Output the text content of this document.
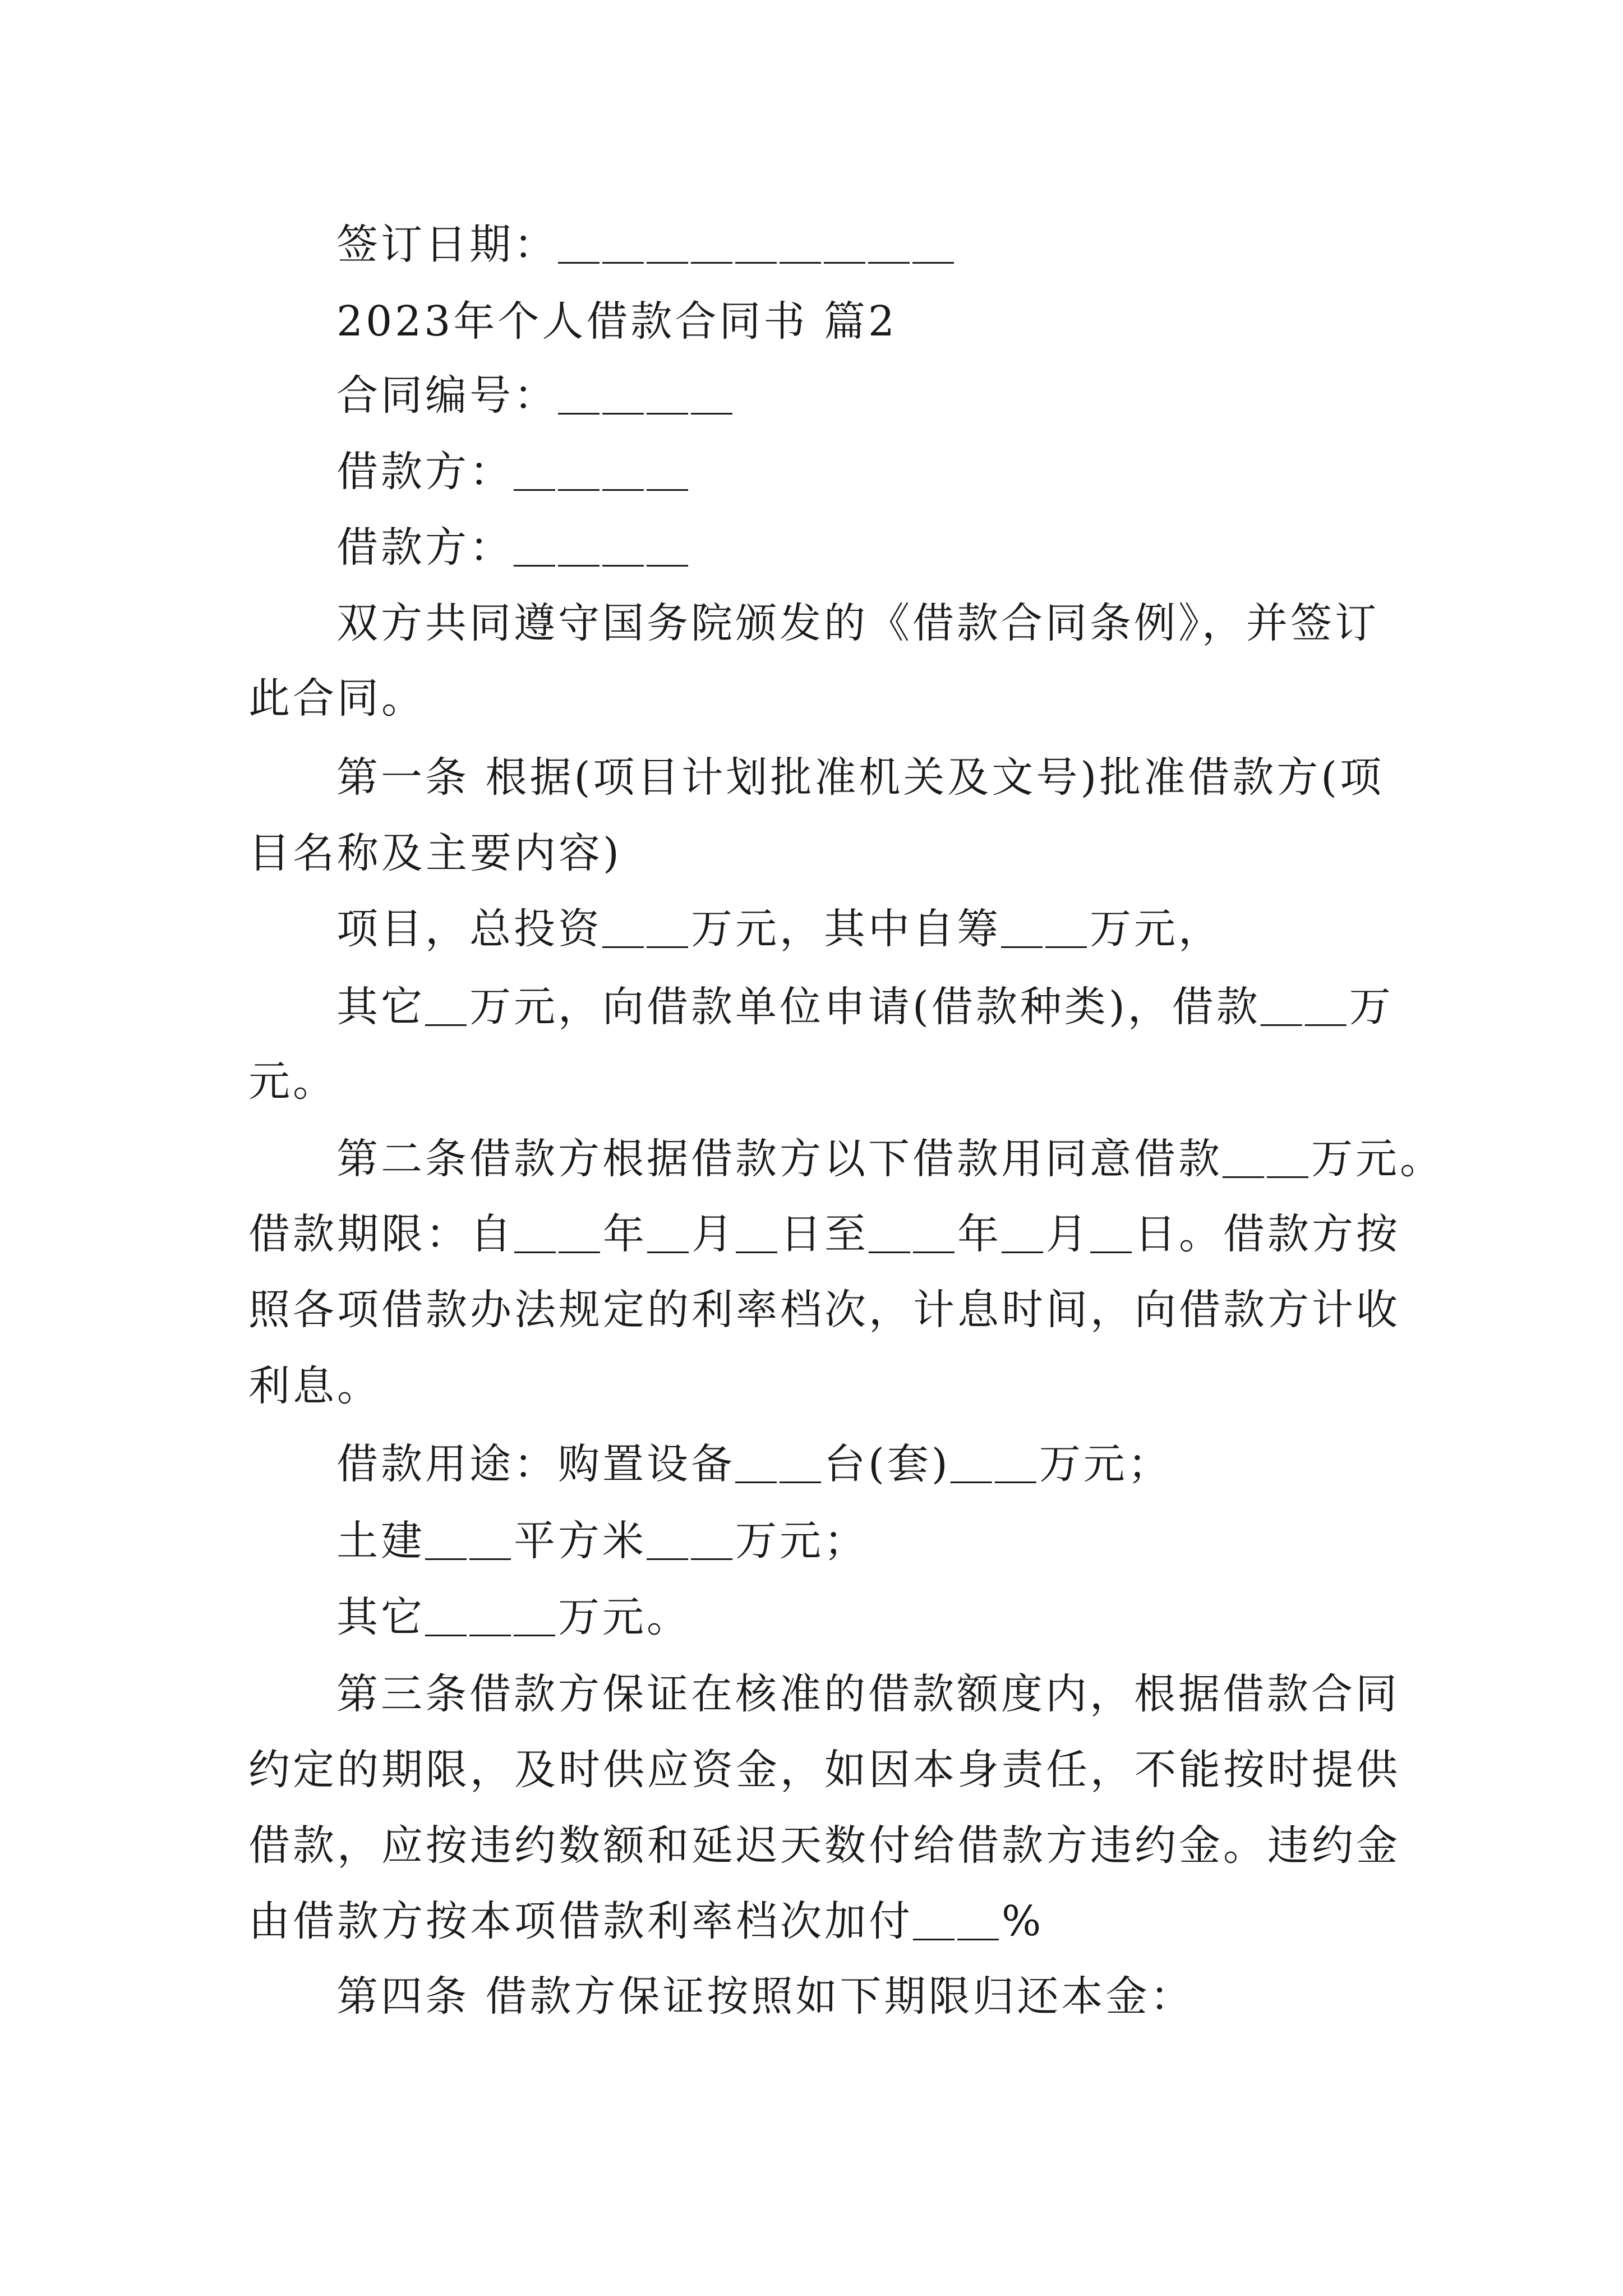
签订日期：＿＿＿＿＿＿＿＿＿

2023年个人借款合同书 篇2

合同编号：＿＿＿＿

借款方：＿＿＿＿

借款方：＿＿＿＿

双方共同遵守国务院颁发的《借款合同条例》，并签订

此合同。

第一条 根据(项目计划批准机关及文号)批准借款方(项

目名称及主要内容)

项目，总投资＿＿万元，其中自筹＿＿万元，

其它＿万元，向借款单位申请(借款种类)，借款＿＿万

元。

第二条借款方根据借款方以下借款用同意借款＿＿万元。

借款期限：自＿＿年＿月＿日至＿＿年＿月＿日。借款方按

照各项借款办法规定的利率档次，计息时间，向借款方计收

利息。

借款用途：购置设备＿＿台(套)＿＿万元；

土建＿＿平方米＿＿万元；

其它＿＿＿万元。

第三条借款方保证在核准的借款额度内，根据借款合同

约定的期限，及时供应资金，如因本身责任，不能按时提供

借款，应按违约数额和延迟天数付给借款方违约金。违约金

由借款方按本项借款利率档次加付＿＿%

第四条 借款方保证按照如下期限归还本金：
